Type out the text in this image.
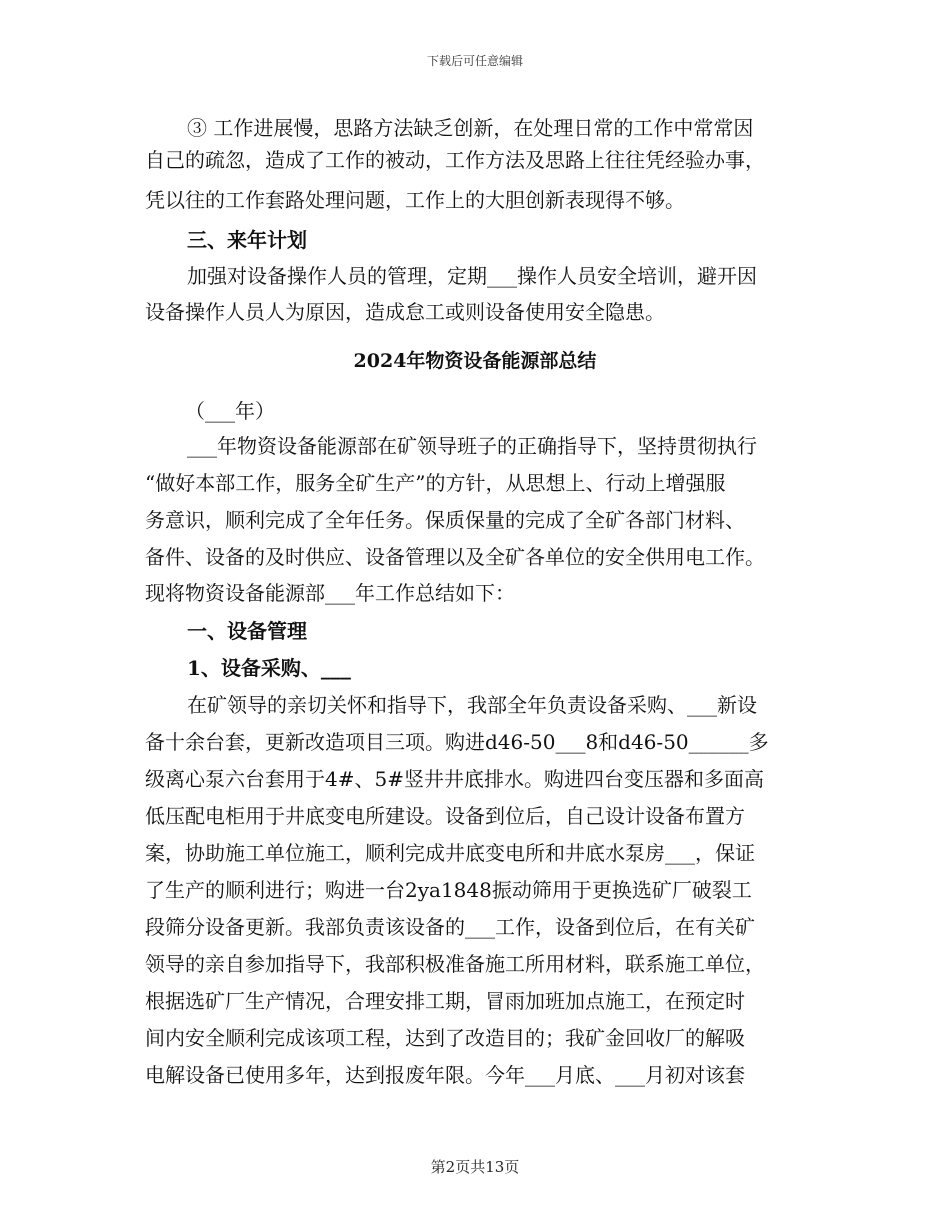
下载后可任意编辑
③ 工作进展慢，思路方法缺乏创新，在处理日常的工作中常常因
自己的疏忽，造成了工作的被动，工作方法及思路上往往凭经验办事，
凭以往的工作套路处理问题，工作上的大胆创新表现得不够。
三、来年计划
加强对设备操作人员的管理，定期___操作人员安全培训，避开因
设备操作人员人为原因，造成怠工或则设备使用安全隐患。
2024年物资设备能源部总结
（___年）
___年物资设备能源部在矿领导班子的正确指导下，坚持贯彻执行
“做好本部工作，服务全矿生产”的方针，从思想上、行动上增强服
务意识，顺利完成了全年任务。保质保量的完成了全矿各部门材料、
备件、设备的及时供应、设备管理以及全矿各单位的安全供用电工作。
现将物资设备能源部___年工作总结如下：
一、设备管理
1、设备采购、___
在矿领导的亲切关怀和指导下，我部全年负责设备采购、___新设
备十余台套，更新改造项目三项。购进d46-50___8和d46-50______多
级离心泵六台套用于4#、5#竖井井底排水。购进四台变压器和多面高
低压配电柜用于井底变电所建设。设备到位后，自己设计设备布置方
案，协助施工单位施工，顺利完成井底变电所和井底水泵房___，保证
了生产的顺利进行；购进一台2ya1848振动筛用于更换选矿厂破裂工
段筛分设备更新。我部负责该设备的___工作，设备到位后，在有关矿
领导的亲自参加指导下，我部积极准备施工所用材料，联系施工单位，
根据选矿厂生产情况，合理安排工期，冒雨加班加点施工，在预定时
间内安全顺利完成该项工程，达到了改造目的；我矿金回收厂的解吸
电解设备已使用多年，达到报废年限。今年___月底、___月初对该套
第2页共13页
